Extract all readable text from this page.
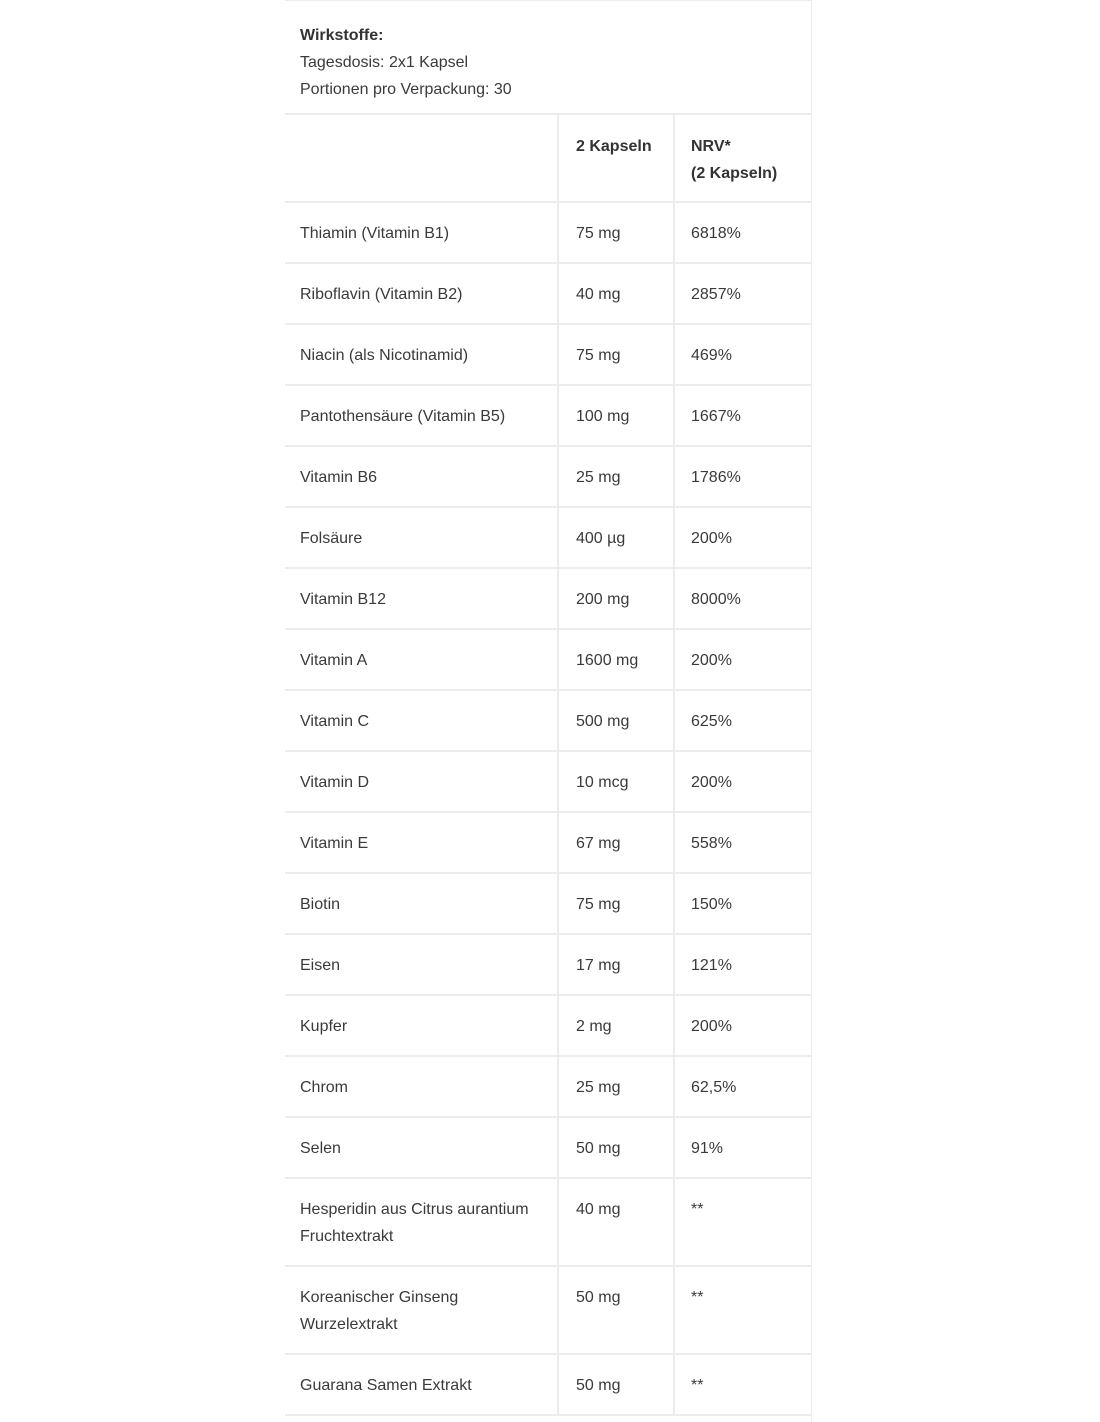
Wirkstoffe:
Tagesdosis: 2x1 Kapsel
Portionen pro Verpackung: 30
	2 Kapseln	NRV*
(2 Kapseln)

Thiamin (Vitamin B1)	75 mg	6818%
Riboflavin (Vitamin B2)	40 mg	2857%
Niacin (als Nicotinamid)	75 mg	469%
Pantothensäure (Vitamin B5)	100 mg	1667%
Vitamin B6	25 mg	1786%
Folsäure	400 µg	200%
Vitamin B12	200 mg	8000%
Vitamin A	1600 mg	200%
Vitamin C	500 mg	625%
Vitamin D	10 mcg	200%
Vitamin E	67 mg	558%
Biotin	75 mg	150%
Eisen	17 mg	121%
Kupfer	2 mg	200%
Chrom	25 mg	62,5%
Selen	50 mg	91%

Hesperidin aus Citrus aurantium
Fruchtextrakt	40 mg	**

Koreanischer Ginseng
Wurzelextrakt	50 mg	**
Guarana Samen Extrakt	50 mg	**
